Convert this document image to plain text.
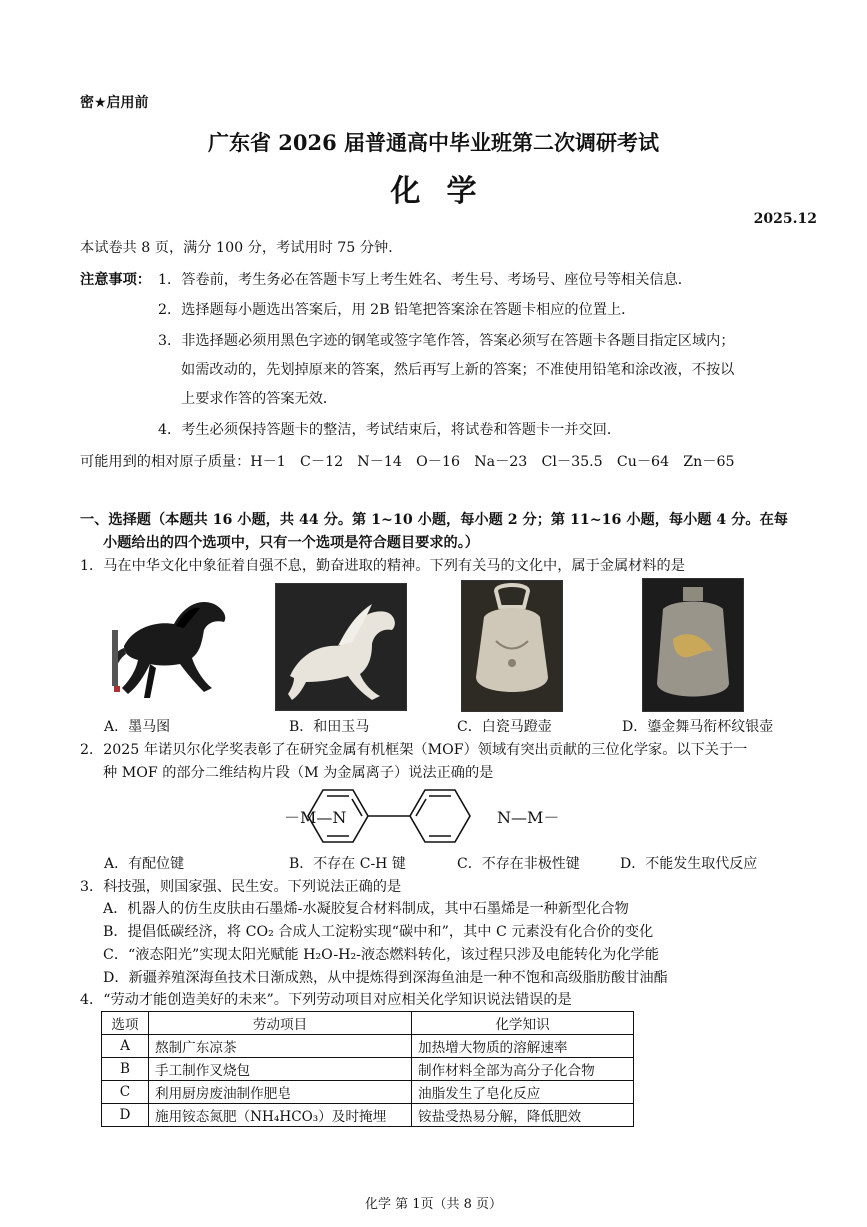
密★启用前
广东省 2026 届普通高中毕业班第二次调研考试
化学
2025.12
本试卷共 8 页，满分 100 分，考试用时 75 分钟．
注意事项： 1．答卷前，考生务必在答题卡写上考生姓名、考生号、考场号、座位号等相关信息．
2．选择题每小题选出答案后，用 2B 铅笔把答案涂在答题卡相应的位置上．
3．非选择题必须用黑色字迹的钢笔或签字笔作答，答案必须写在答题卡各题目指定区域内；
如需改动的，先划掉原来的答案，然后再写上新的答案；不准使用铅笔和涂改液，不按以
上要求作答的答案无效．
4．考生必须保持答题卡的整洁，考试结束后，将试卷和答题卡一并交回．
可能用到的相对原子质量：H－1　C－12　N－14　O－16　Na－23　Cl－35.5　Cu－64　Zn－65
一、选择题（本题共 16 小题，共 44 分。第 1~10 小题，每小题 2 分；第 11~16 小题，每小题 4 分。在每
小题给出的四个选项中，只有一个选项是符合题目要求的。）
1．马在中华文化中象征着自强不息，勤奋进取的精神。下列有关马的文化中，属于金属材料的是
A．墨马图	B．和田玉马	C．白瓷马蹬壶	D．鎏金舞马衔杯纹银壶
2．2025 年诺贝尔化学奖表彰了在研究金属有机框架（MOF）领域有突出贡献的三位化学家。以下关于一
种 MOF 的部分二维结构片段（M 为金属离子）说法正确的是
－M—N	N—M－
A．有配位键	B．不存在 C-H 键	C．不存在非极性键	D．不能发生取代反应
3．科技强，则国家强、民生安。下列说法正确的是
A．机器人的仿生皮肤由石墨烯-水凝胶复合材料制成，其中石墨烯是一种新型化合物
B．提倡低碳经济，将 CO₂ 合成人工淀粉实现“碳中和”，其中 C 元素没有化合价的变化
C．“液态阳光”实现太阳光赋能 H₂O-H₂-液态燃料转化，该过程只涉及电能转化为化学能
D．新疆养殖深海鱼技术日渐成熟，从中提炼得到深海鱼油是一种不饱和高级脂肪酸甘油酯
4．“劳动才能创造美好的未来”。下列劳动项目对应相关化学知识说法错误的是
选项	劳动项目	化学知识
A	熬制广东凉茶	加热增大物质的溶解速率
B	手工制作叉烧包	制作材料全部为高分子化合物
C	利用厨房废油制作肥皂	油脂发生了皂化反应
D	施用铵态氮肥（NH₄HCO₃）及时掩埋	铵盐受热易分解，降低肥效
化学 第 1页（共 8 页）
